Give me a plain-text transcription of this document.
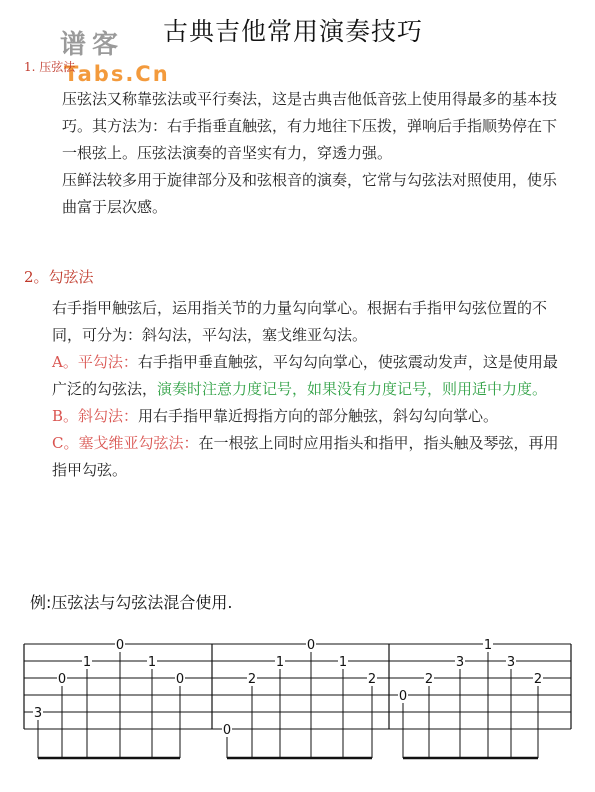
谱客
Tabs.Cn
古典吉他常用演奏技巧
1. 压弦法

压弦法又称靠弦法或平行奏法，这是古典吉他低音弦上使用得最多的基本技巧。其方法为：右手指垂直触弦，有力地往下压拨，弹响后手指顺势停在下一根弦上。压弦法演奏的音坚实有力，穿透力强。

压鲜法较多用于旋律部分及和弦根音的演奏，它常与勾弦法对照使用，使乐曲富于层次感。

2。勾弦法

右手指甲触弦后，运用指关节的力量勾向掌心。根据右手指甲勾弦位置的不同，可分为：斜勾法，平勾法，塞戈维亚勾法。

A。平勾法：右手指甲垂直触弦，平勾勾向掌心，使弦震动发声，这是使用最广泛的勾弦法，演奏时注意力度记号，如果没有力度记号，则用适中力度。

B。斜勾法：用右手指甲靠近拇指方向的部分触弦，斜勾勾向掌心。

C。塞戈维亚勾弦法：在一根弦上同时应用指头和指甲，指头触及琴弦，再用指甲勾弦。

例:压弦法与勾弦法混合使用.
3
0
1
0
1
0
0
2
1
0
1
2
0
2
3
1
3
2
